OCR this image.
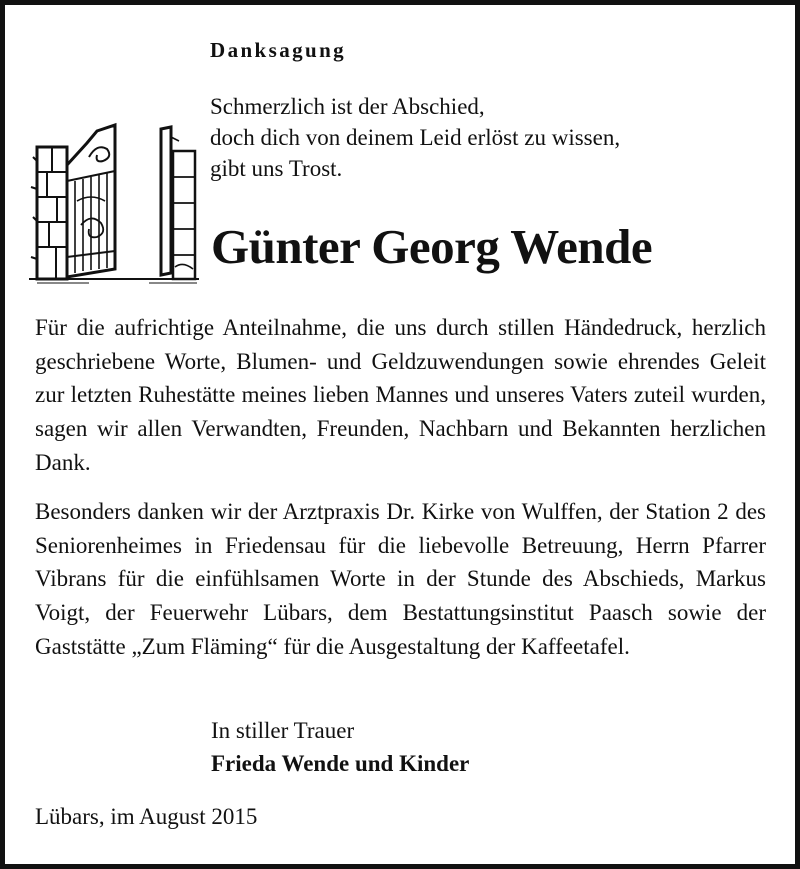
Danksagung
Schmerzlich ist der Abschied,
doch dich von deinem Leid erlöst zu wissen,
gibt uns Trost.
Günter Georg Wende
Für die aufrichtige Anteilnahme, die uns durch stillen Händedruck, herzlich geschriebene Worte, Blumen- und Geldzuwendungen sowie ehrendes Geleit zur letzten Ruhestätte meines lieben Mannes und unseres Vaters zuteil wurden, sagen wir allen Verwandten, Freunden, Nachbarn und Bekannten herzlichen Dank.
Besonders danken wir der Arztpraxis Dr. Kirke von Wulffen, der Station 2 des Seniorenheimes in Friedensau für die liebevolle Betreuung, Herrn Pfarrer Vibrans für die einfühlsamen Worte in der Stunde des Abschieds, Markus Voigt, der Feuerwehr Lübars, dem Bestattungsinstitut Paasch sowie der Gaststätte „Zum Fläming“ für die Ausgestaltung der Kaffeetafel.
In stiller Trauer
Frieda Wende und Kinder
Lübars, im August 2015
